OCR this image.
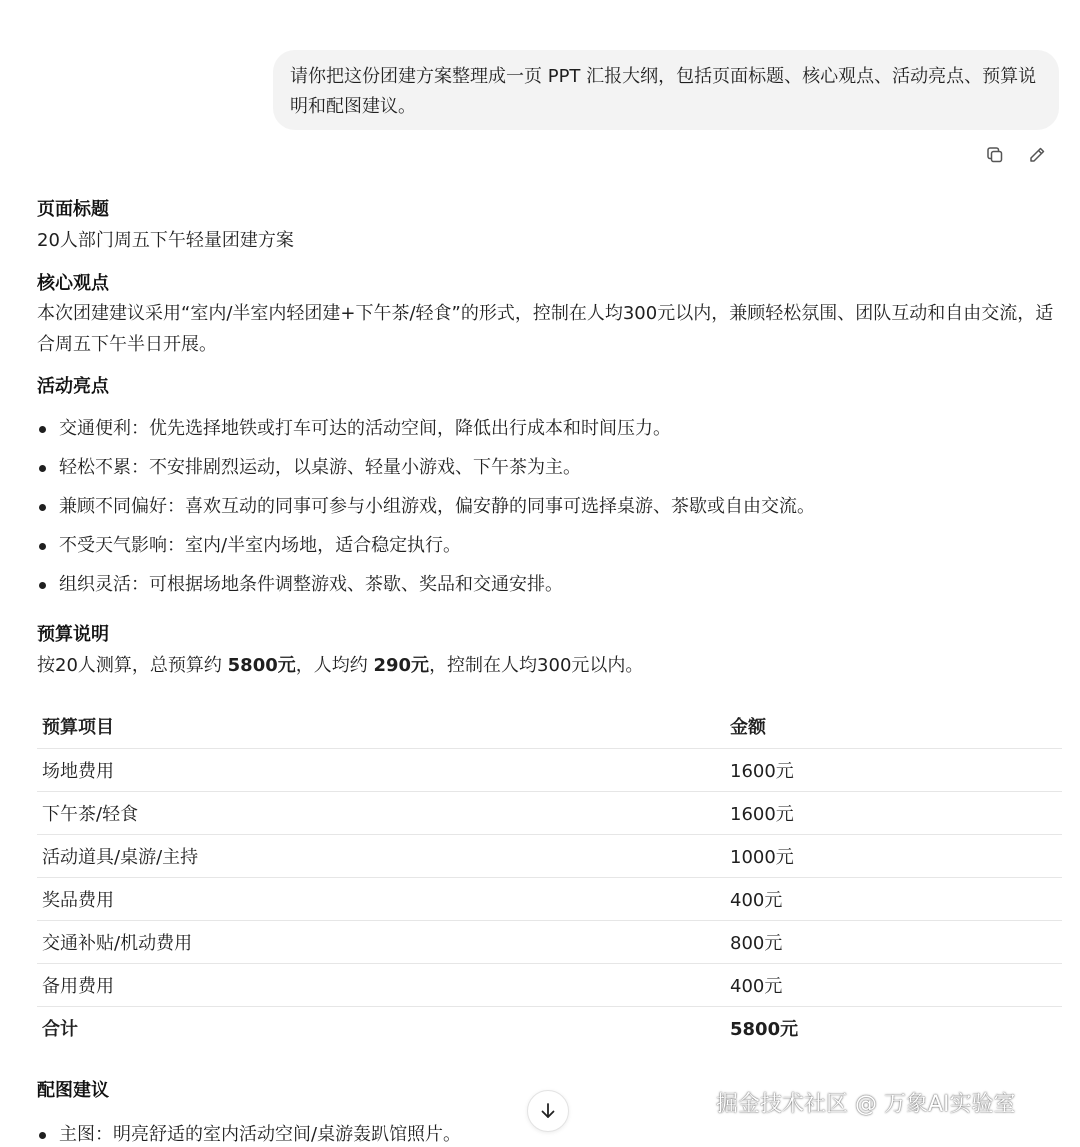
请你把这份团建方案整理成一页 PPT 汇报大纲，包括页面标题、核心观点、活动亮点、预算说明和配图建议。
页面标题
20人部门周五下午轻量团建方案
核心观点
本次团建建议采用“室内/半室内轻团建+下午茶/轻食”的形式，控制在人均300元以内，兼顾轻松氛围、团队互动和自由交流，适合周五下午半日开展。
活动亮点
交通便利：优先选择地铁或打车可达的活动空间，降低出行成本和时间压力。
轻松不累：不安排剧烈运动，以桌游、轻量小游戏、下午茶为主。
兼顾不同偏好：喜欢互动的同事可参与小组游戏，偏安静的同事可选择桌游、茶歇或自由交流。
不受天气影响：室内/半室内场地，适合稳定执行。
组织灵活：可根据场地条件调整游戏、茶歇、奖品和交通安排。
预算说明
按20人测算，总预算约 5800元，人均约 290元，控制在人均300元以内。
预算项目	金额
场地费用	1600元
下午茶/轻食	1600元
活动道具/桌游/主持	1000元
奖品费用	400元
交通补贴/机动费用	800元
备用费用	400元
合计	5800元
配图建议
主图：明亮舒适的室内活动空间/桌游轰趴馆照片。
掘金技术社区 @ 万象AI实验室
